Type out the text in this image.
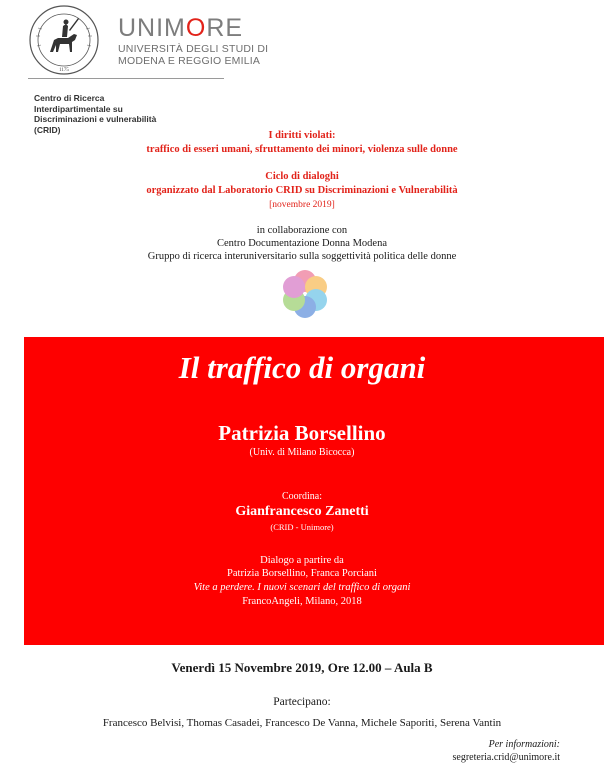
1175
UNIMORE
UNIVERSITÀ DEGLI STUDI DI
MODENA E REGGIO EMILIA
Centro di Ricerca
Interdipartimentale su
Discriminazioni e vulnerabilità
(CRID)
I diritti violati:
traffico di esseri umani, sfruttamento dei minori, violenza sulle donne
Ciclo di dialoghi
organizzato dal Laboratorio CRID su Discriminazioni e Vulnerabilità
[novembre 2019]
in collaborazione con
Centro Documentazione Donna Modena
Gruppo di ricerca interuniversitario sulla soggettività politica delle donne
Il traffico di organi
Patrizia Borsellino
(Univ. di Milano Bicocca)
Coordina:
Gianfrancesco Zanetti
(CRID - Unimore)
Dialogo a partire da
Patrizia Borsellino, Franca Porciani
Vite a perdere. I nuovi scenari del traffico di organi
FrancoAngeli, Milano, 2018
Venerdì 15 Novembre 2019, Ore 12.00 – Aula B
Partecipano:
Francesco Belvisi, Thomas Casadei, Francesco De Vanna, Michele Saporiti, Serena Vantin
Per informazioni:
segreteria.crid@unimore.it
